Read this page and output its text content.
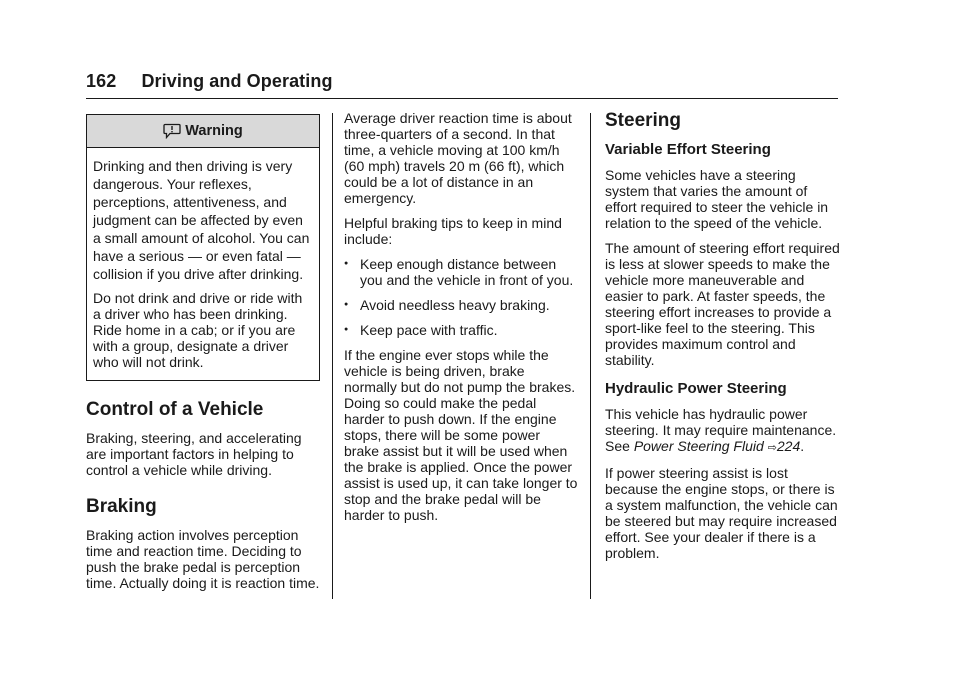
162 Driving and Operating
Warning

Drinking and then driving is very dangerous. Your reflexes, perceptions, attentiveness, and judgment can be affected by even a small amount of alcohol. You can have a serious — or even fatal — collision if you drive after drinking.

Do not drink and drive or ride with a driver who has been drinking. Ride home in a cab; or if you are with a group, designate a driver who will not drink.

Control of a Vehicle

Braking, steering, and accelerating are important factors in helping to control a vehicle while driving.

Braking

Braking action involves perception time and reaction time. Deciding to push the brake pedal is perception time. Actually doing it is reaction time.

Average driver reaction time is about three-quarters of a second. In that time, a vehicle moving at 100 km/h (60 mph) travels 20 m (66 ft), which could be a lot of distance in an emergency.

Helpful braking tips to keep in mind include:

● Keep enough distance between you and the vehicle in front of you.
● Avoid needless heavy braking.
● Keep pace with traffic.

If the engine ever stops while the vehicle is being driven, brake normally but do not pump the brakes. Doing so could make the pedal harder to push down. If the engine stops, there will be some power brake assist but it will be used when the brake is applied. Once the power assist is used up, it can take longer to stop and the brake pedal will be harder to push.

Steering
Variable Effort Steering

Some vehicles have a steering system that varies the amount of effort required to steer the vehicle in relation to the speed of the vehicle.

The amount of steering effort required is less at slower speeds to make the vehicle more maneuverable and easier to park. At faster speeds, the steering effort increases to provide a sport-like feel to the steering. This provides maximum control and stability.

Hydraulic Power Steering

This vehicle has hydraulic power steering. It may require maintenance. See Power Steering Fluid ⇨224.

If power steering assist is lost because the engine stops, or there is a system malfunction, the vehicle can be steered but may require increased effort. See your dealer if there is a problem.
